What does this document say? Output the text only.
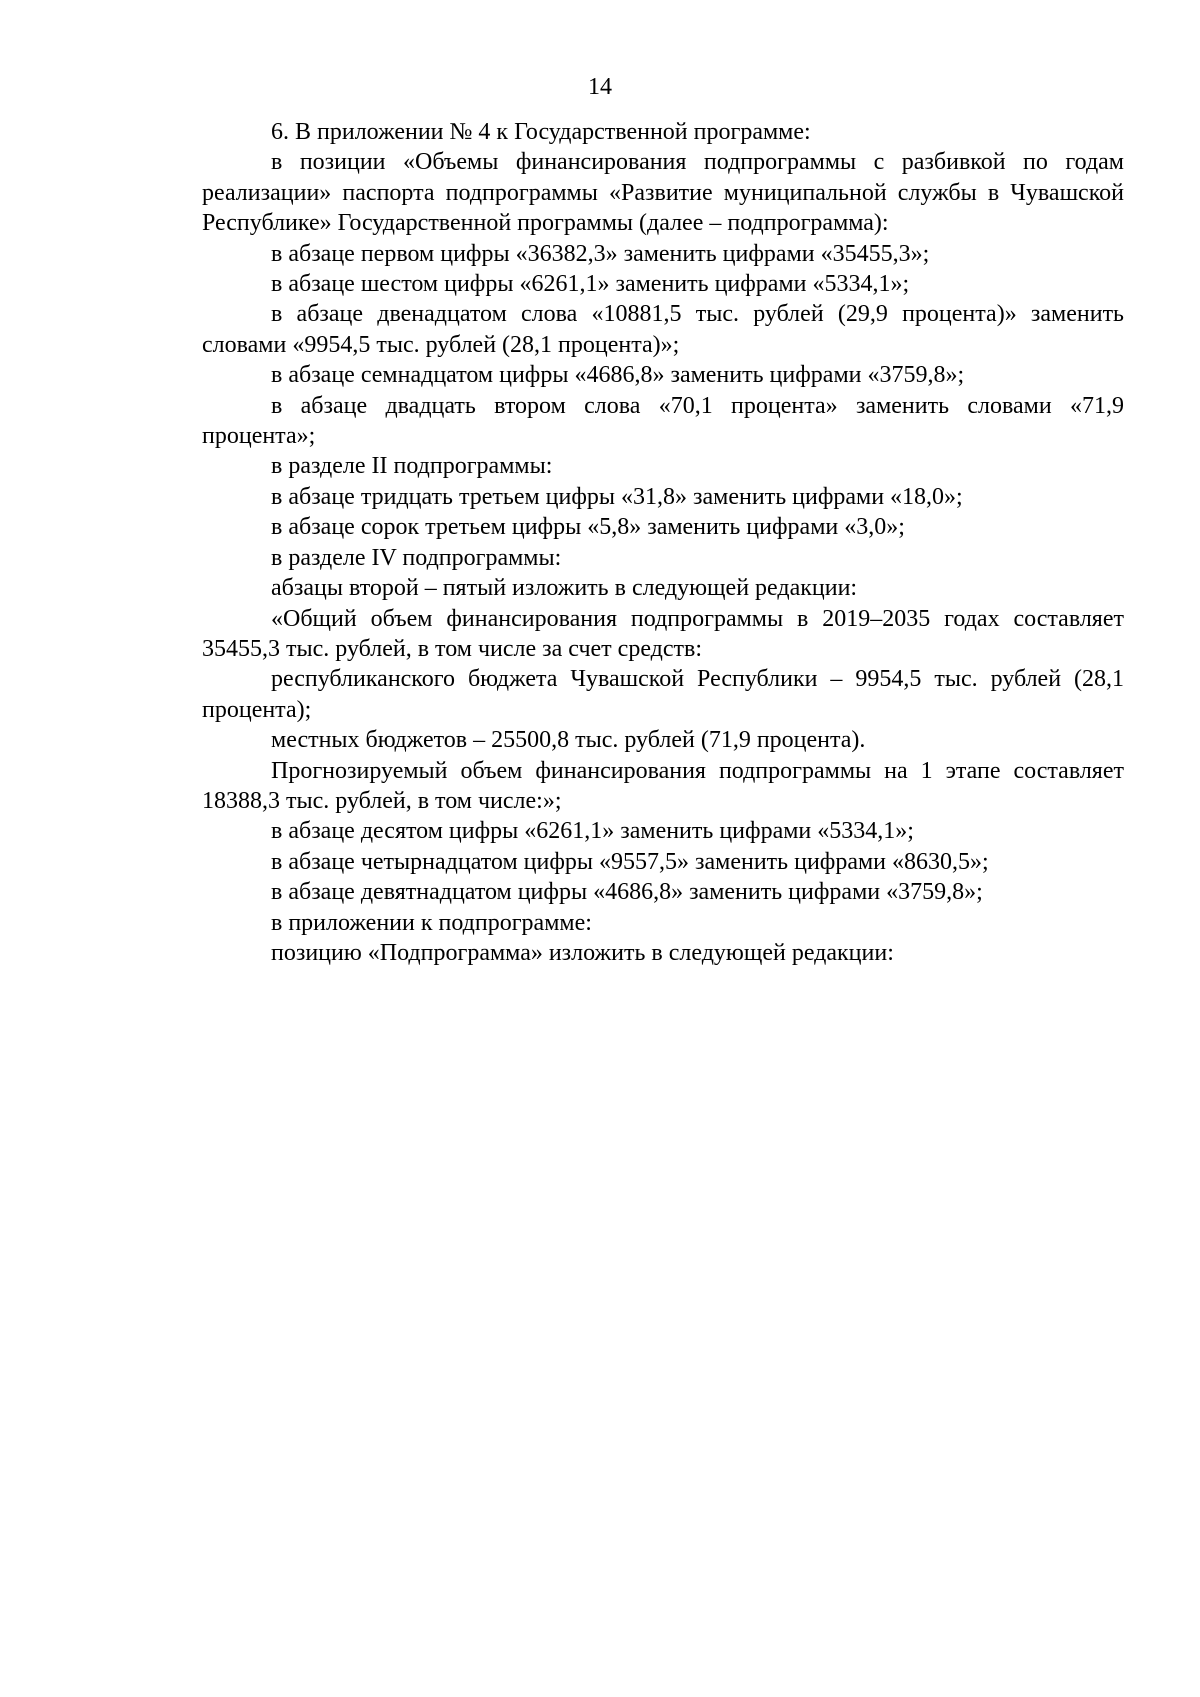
14

6. В приложении № 4 к Государственной программе:

в позиции «Объемы финансирования подпрограммы с разбивкой по годам реализации» паспорта подпрограммы «Развитие муниципальной службы в Чувашской Республике» Государственной программы (далее – подпрограмма):

в абзаце первом цифры «36382,3» заменить цифрами «35455,3»;

в абзаце шестом цифры «6261,1» заменить цифрами «5334,1»;

в абзаце двенадцатом слова «10881,5 тыс. рублей (29,9 процента)» заменить словами «9954,5 тыс. рублей (28,1 процента)»;

в абзаце семнадцатом цифры «4686,8» заменить цифрами «3759,8»;

в абзаце двадцать втором слова «70,1 процента» заменить словами «71,9 процента»;

в разделе II подпрограммы:

в абзаце тридцать третьем цифры «31,8» заменить цифрами «18,0»;

в абзаце сорок третьем цифры «5,8» заменить цифрами «3,0»;

в разделе IV подпрограммы:

абзацы второй – пятый изложить в следующей редакции:

«Общий объем финансирования подпрограммы в 2019–2035 годах составляет 35455,3 тыс. рублей, в том числе за счет средств:

республиканского бюджета Чувашской Республики – 9954,5 тыс. рублей (28,1 процента);

местных бюджетов – 25500,8 тыс. рублей (71,9 процента).

Прогнозируемый объем финансирования подпрограммы на 1 этапе составляет 18388,3 тыс. рублей, в том числе:»;

в абзаце десятом цифры «6261,1» заменить цифрами «5334,1»;

в абзаце четырнадцатом цифры «9557,5» заменить цифрами «8630,5»;

в абзаце девятнадцатом цифры «4686,8» заменить цифрами «3759,8»;

в приложении к подпрограмме:

позицию «Подпрограмма» изложить в следующей редакции:
